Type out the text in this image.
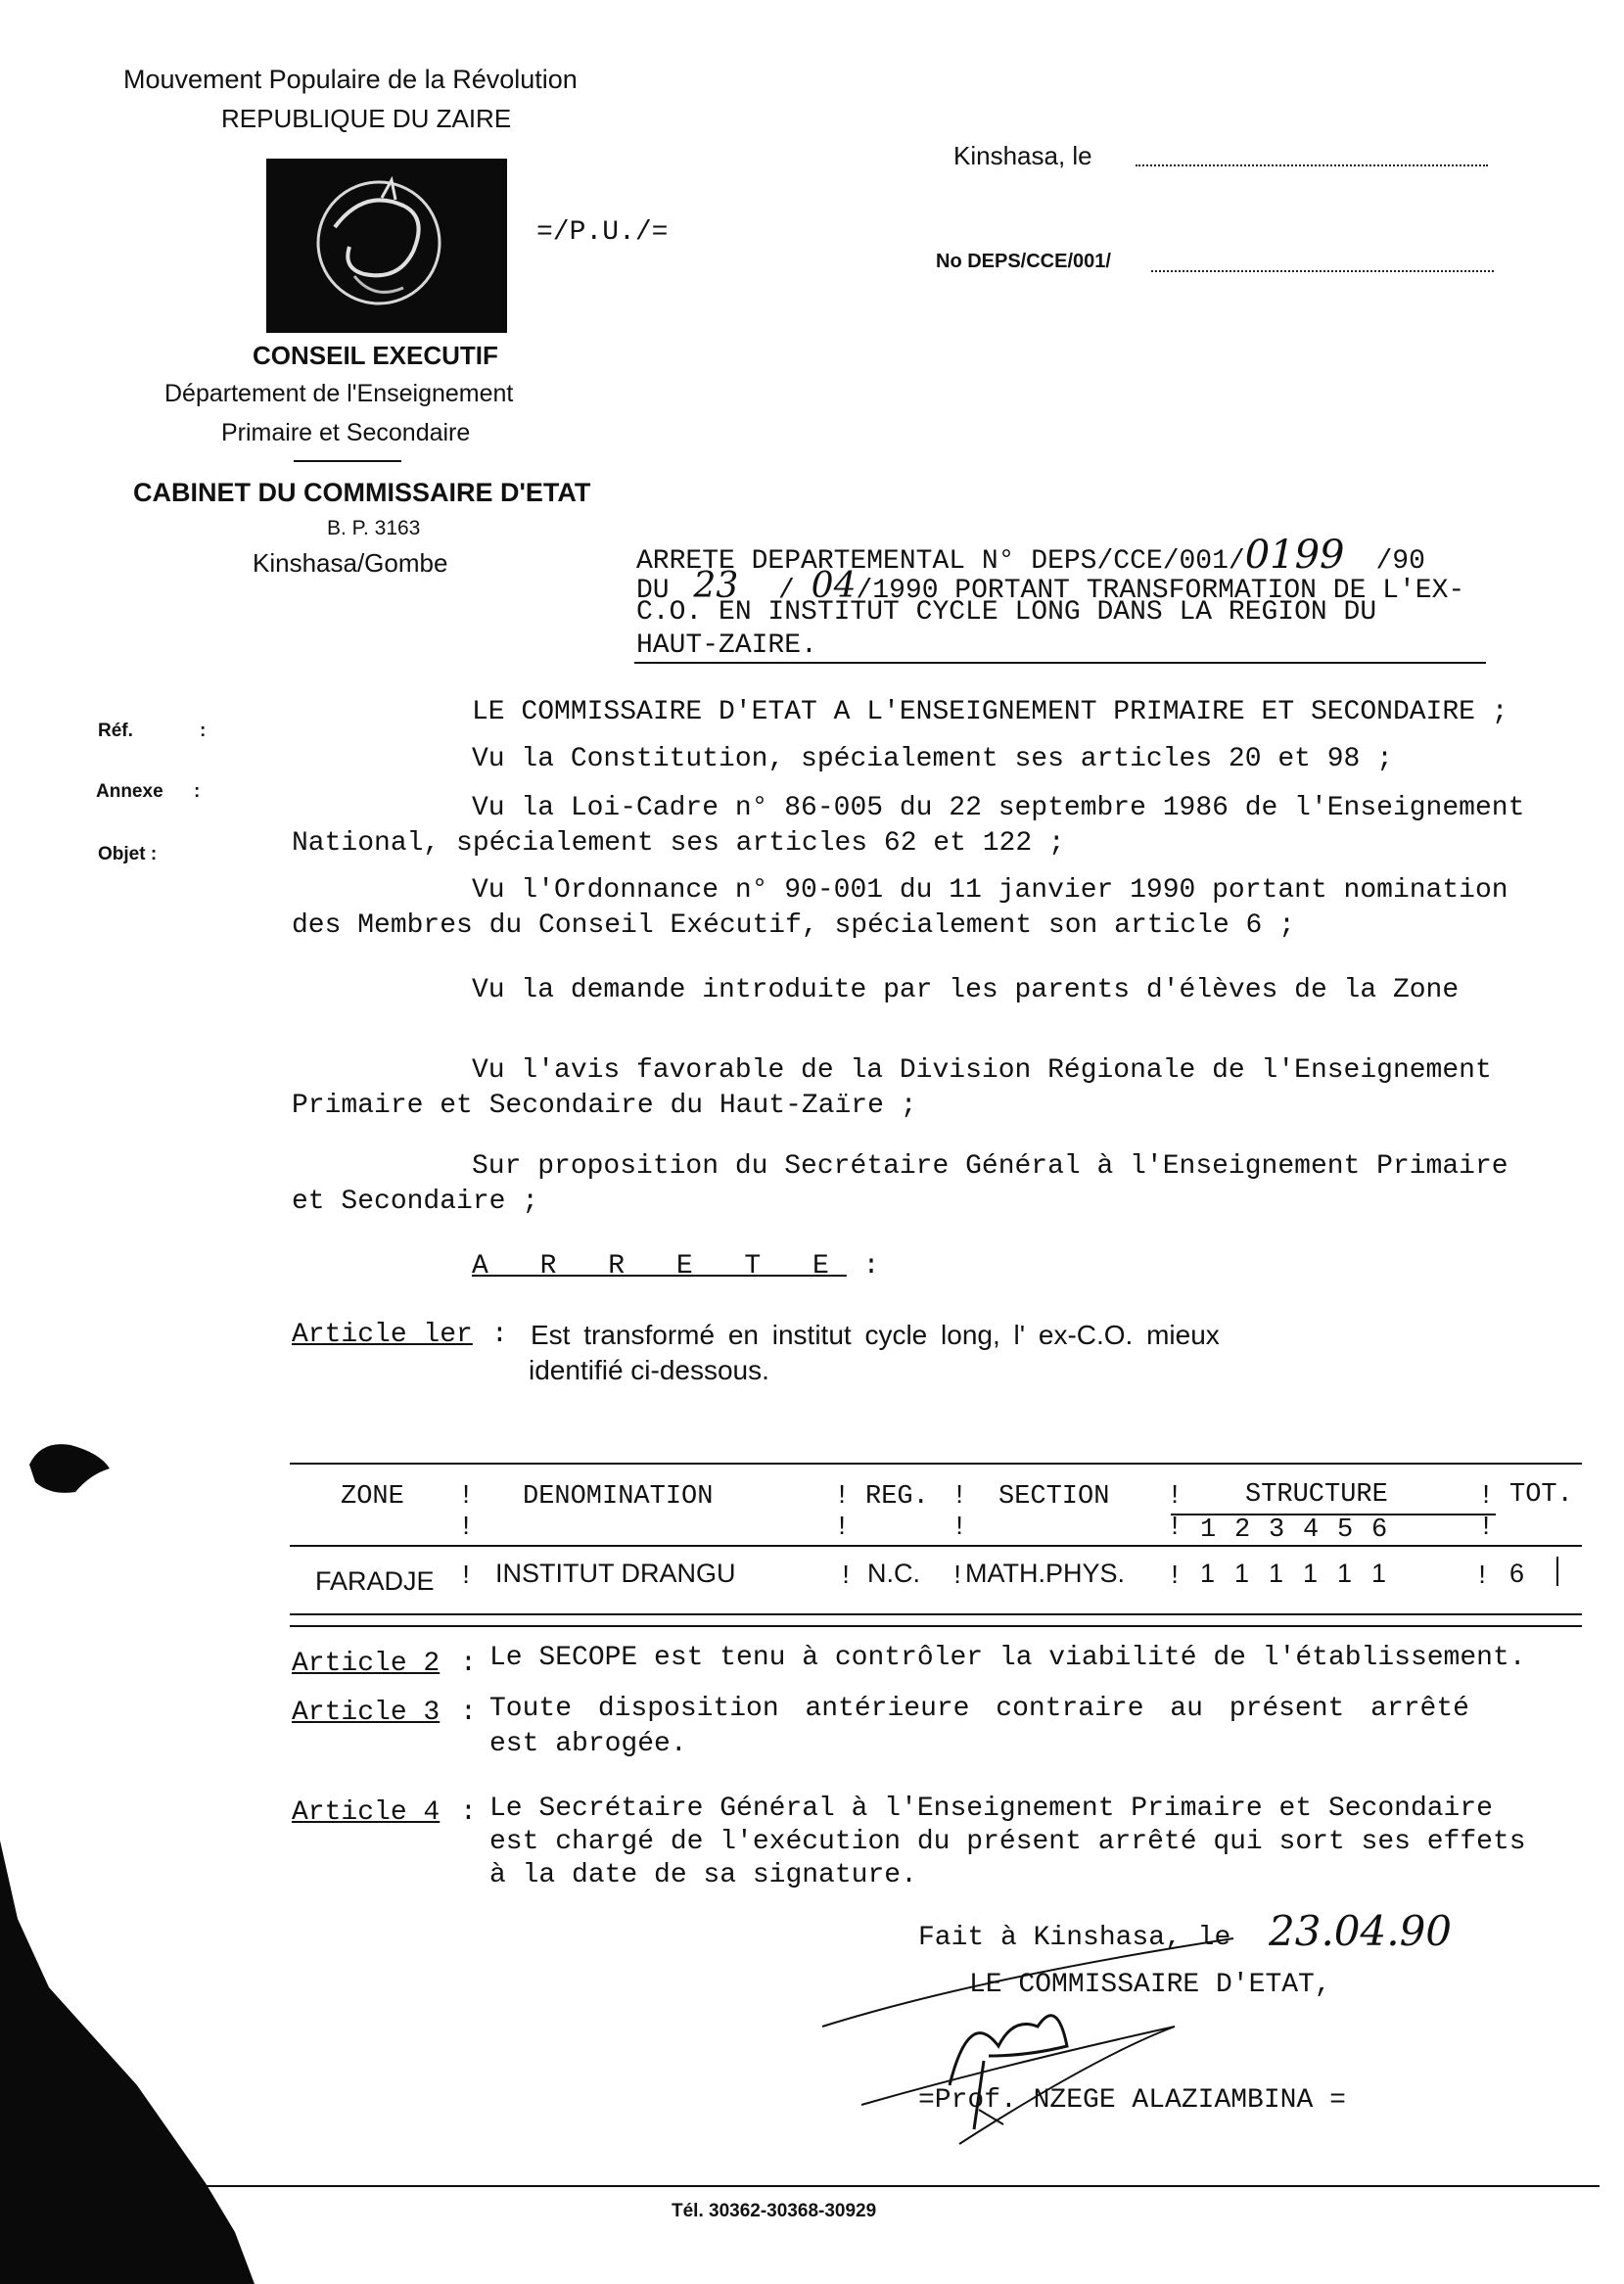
Mouvement Populaire de la Révolution
REPUBLIQUE DU ZAIRE
=/P.U./=
CONSEIL EXECUTIF
Département de l'Enseignement
Primaire et Secondaire
CABINET DU COMMISSAIRE D'ETAT
B. P. 3163
Kinshasa/Gombe
Kinshasa, le
No DEPS/CCE/001/
Réf.	:
Annexe :
Objet :
ARRETE DEPARTEMENTAL N° DEPS/CCE/001/0199 /90
DU 23 / 04/1990 PORTANT TRANSFORMATION DE L'EX-
C.O. EN INSTITUT CYCLE LONG DANS LA REGION DU
HAUT-ZAIRE.
LE COMMISSAIRE D'ETAT A L'ENSEIGNEMENT PRIMAIRE ET SECONDAIRE ;
Vu la Constitution, spécialement ses articles 20 et 98 ;
Vu la Loi-Cadre n° 86-005 du 22 septembre 1986 de l'Enseignement
National, spécialement ses articles 62 et 122 ;
Vu l'Ordonnance n° 90-001 du 11 janvier 1990 portant nomination
des Membres du Conseil Exécutif, spécialement son article 6 ;
Vu la demande introduite par les parents d'élèves de la Zone
Vu l'avis favorable de la Division Régionale de l'Enseignement
Primaire et Secondaire du Haut-Zaïre ;
Sur proposition du Secrétaire Général à l'Enseignement Primaire
et Secondaire ;
A R R E T E :
Article ler : Est transformé en institut cycle long, l' ex-C.O. mieux
identifié ci-dessous.
ZONE ! DENOMINATION	! REG. ! SECTION ! STRUCTURE	! TOT.
!	!	!	!	!
1 2 3 4 5 6
FARADJE ! INSTITUT DRANGU	! N.C. ! MATH.PHYS. ! 1 1 1 1 1 1	! 6
Article 2 : Le SECOPE est tenu à contrôler la viabilité de l'établissement.
Article 3 : Toute disposition antérieure contraire au présent arrêté
est abrogée.
Article 4 : Le Secrétaire Général à l'Enseignement Primaire et Secondaire
est chargé de l'exécution du présent arrêté qui sort ses effets
à la date de sa signature.
Fait à Kinshasa, le 23.04.90
LE COMMISSAIRE D'ETAT,
=Prof. NZEGE ALAZIAMBINA =
Tél. 30362-30368-30929
